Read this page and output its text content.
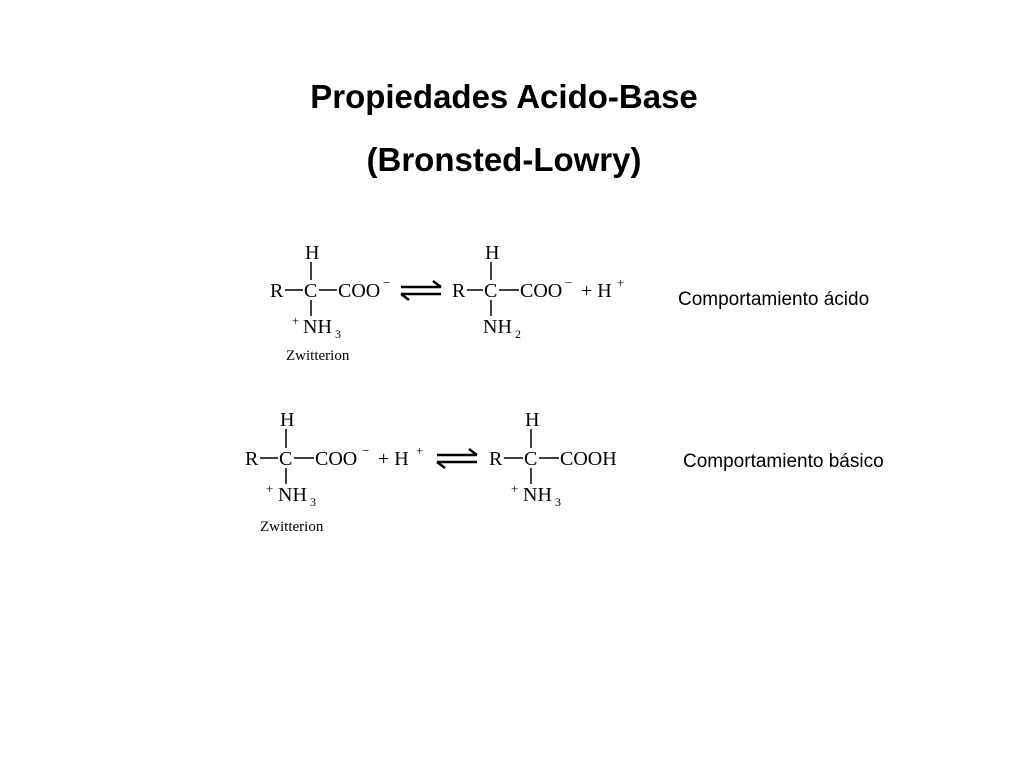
Propiedades Acido-Base
(Bronsted-Lowry)
H
R C COO −
+ NH 3
Zwitterion
H
R C COO − + H +
NH 2
H
R C COO − + H +
+ NH 3
Zwitterion
H
R C COOH
+ NH 3
Comportamiento ácido
Comportamiento básico
